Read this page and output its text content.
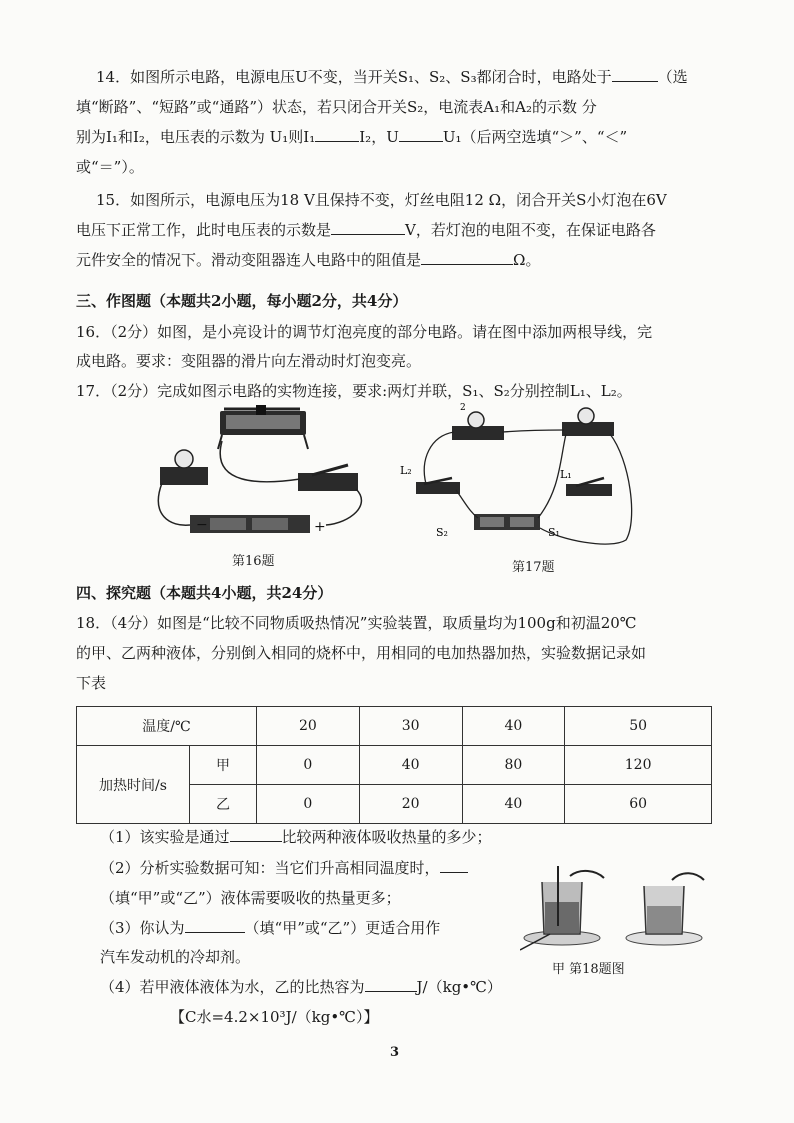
14．如图所示电路，电源电压U不变，当开关S₁、S₂、S₃都闭合时，电路处于	（选
填“断路”、“短路”或“通路”）状态，若只闭合开关S₂，电流表A₁和A₂的示数 分
别为I₁和I₂，电压表的示数为 U₁则I₁	I₂，U	U₁（后两空选填“＞”、“＜”
或“＝”）。
15．如图所示，电源电压为18 V且保持不变，灯丝电阻12 Ω，闭合开关S小灯泡在6V
电压下正常工作，此时电压表的示数是	V，若灯泡的电阻不变，在保证电路各
元件安全的情况下。滑动变阻器连人电路中的阻值是	Ω。
三、作图题（本题共2小题，每小题2分，共4分）
16．（2分）如图，是小亮设计的调节灯泡亮度的部分电路。请在图中添加两根导线，完
成电路。要求：变阻器的滑片向左滑动时灯泡变亮。
17．（2分）完成如图示电路的实物连接，要求:两灯并联，S₁、S₂分别控制L₁、L₂。
−	+
第16题
2
L₂	L₁
S₂	S₁
第17题
四、探究题（本题共4小题，共24分）
18．（4分）如图是“比较不同物质吸热情况”实验装置，取质量均为100g和初温20℃
的甲、乙两种液体，分别倒入相同的烧杯中，用相同的电加热器加热，实验数据记录如
下表
温度/℃		20	30	40	50
加热时间/s	甲	0	40	80	120
	乙	0	20	40	60
（1）该实验是通过	比较两种液体吸收热量的多少；
（2）分析实验数据可知：当它们升高相同温度时，
（填“甲”或“乙”）液体需要吸收的热量更多；
（3）你认为	（填“甲”或“乙”）更适合用作
汽车发动机的冷却剂。
（4）若甲液体液体为水，乙的比热容为	J/（kg•℃）
【C水=4.2×10³J/（kg•℃）】
甲 第18题图
3
